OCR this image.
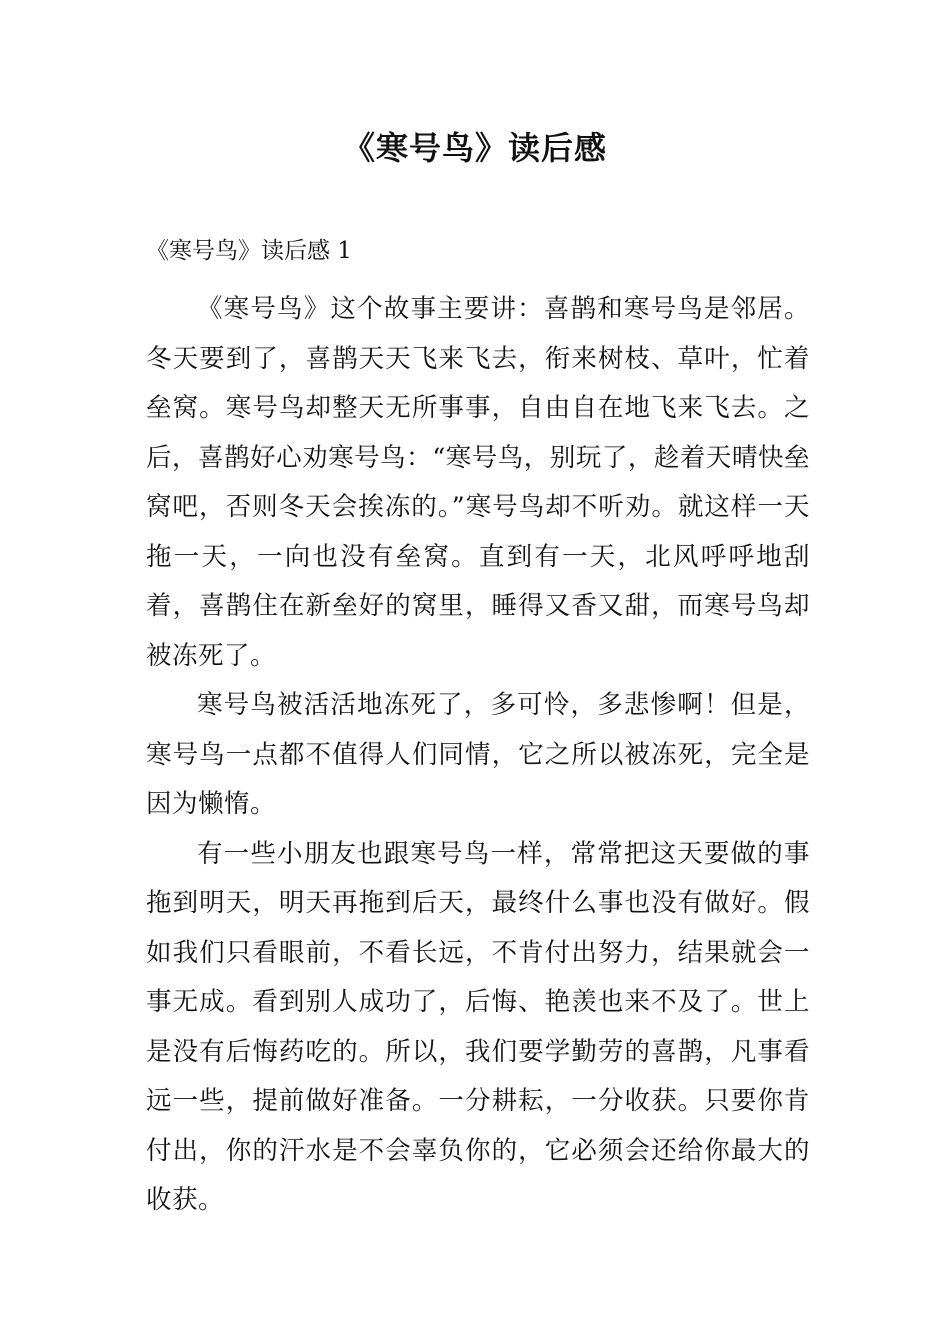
《寒号鸟》读后感

《寒号鸟》读后感 1

《寒号鸟》这个故事主要讲：喜鹊和寒号鸟是邻居。冬天要到了，喜鹊天天飞来飞去，衔来树枝、草叶，忙着垒窝。寒号鸟却整天无所事事，自由自在地飞来飞去。之后，喜鹊好心劝寒号鸟：“寒号鸟，别玩了，趁着天晴快垒窝吧，否则冬天会挨冻的。”寒号鸟却不听劝。就这样一天拖一天，一向也没有垒窝。直到有一天，北风呼呼地刮着，喜鹊住在新垒好的窝里，睡得又香又甜，而寒号鸟却被冻死了。

寒号鸟被活活地冻死了，多可怜，多悲惨啊！但是，寒号鸟一点都不值得人们同情，它之所以被冻死，完全是因为懒惰。

有一些小朋友也跟寒号鸟一样，常常把这天要做的事拖到明天，明天再拖到后天，最终什么事也没有做好。假如我们只看眼前，不看长远，不肯付出努力，结果就会一事无成。看到别人成功了，后悔、艳羡也来不及了。世上是没有后悔药吃的。所以，我们要学勤劳的喜鹊，凡事看远一些，提前做好准备。一分耕耘，一分收获。只要你肯付出，你的汗水是不会辜负你的，它必须会还给你最大的收获。
